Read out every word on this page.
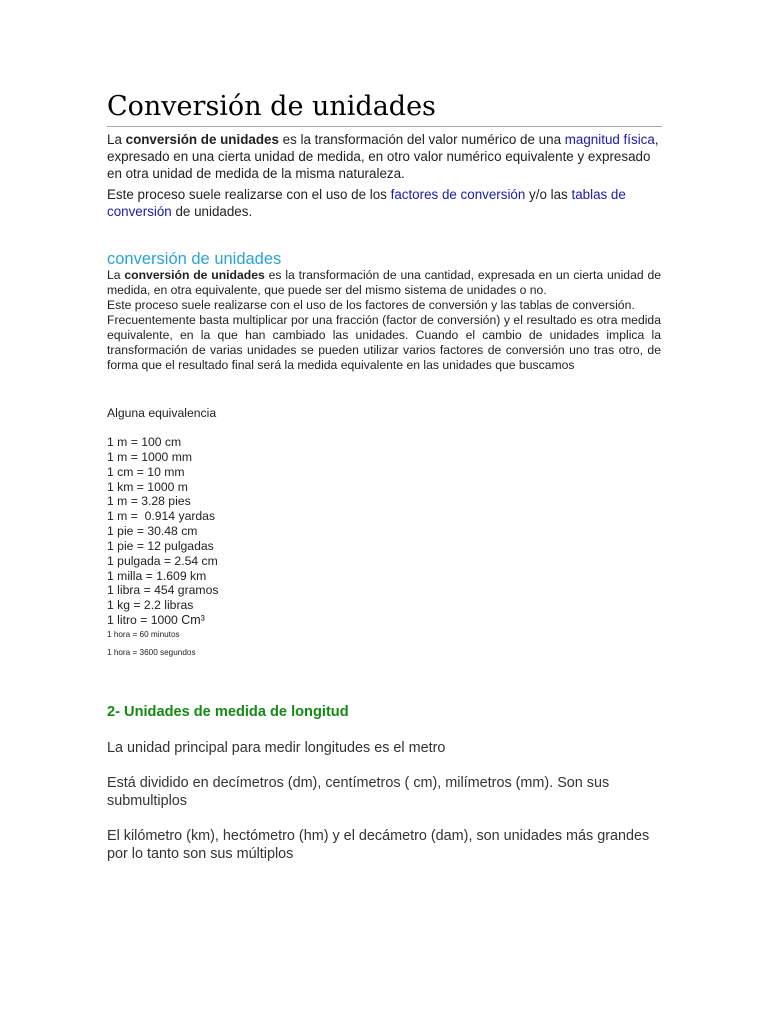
Conversión de unidades
La conversión de unidades es la transformación del valor numérico de una magnitud física, expresado en una cierta unidad de medida, en otro valor numérico equivalente y expresado en otra unidad de medida de la misma naturaleza.
Este proceso suele realizarse con el uso de los factores de conversión y/o las tablas de conversión de unidades.
conversión de unidades

La conversión de unidades es la transformación de una cantidad, expresada en un cierta unidad de medida, en otra equivalente, que puede ser del mismo sistema de unidades o no.

Este proceso suele realizarse con el uso de los factores de conversión y las tablas de conversión.

Frecuentemente basta multiplicar por una fracción (factor de conversión) y el resultado es otra medida equivalente, en la que han cambiado las unidades. Cuando el cambio de unidades implica la transformación de varias unidades se pueden utilizar varios factores de conversión uno tras otro, de forma que el resultado final será la medida equivalente en las unidades que buscamos

Alguna equivalencia
1 m = 100 cm
1 m = 1000 mm
1 cm = 10 mm
1 km = 1000 m
1 m = 3.28 pies
1 m =  0.914 yardas
1 pie = 30.48 cm
1 pie = 12 pulgadas
1 pulgada = 2.54 cm
1 milla = 1.609 km
1 libra = 454 gramos
1 kg = 2.2 libras
1 litro = 1000 Cm³
1 hora = 60 minutos
1 hora = 3600 segundos
2- Unidades de medida de longitud

La unidad principal para medir longitudes es el metro

Está dividido en decímetros (dm), centímetros ( cm), milímetros (mm). Son sus submultiplos

El kilómetro (km), hectómetro (hm) y el decámetro (dam), son unidades más grandes por lo tanto son sus múltiplos
